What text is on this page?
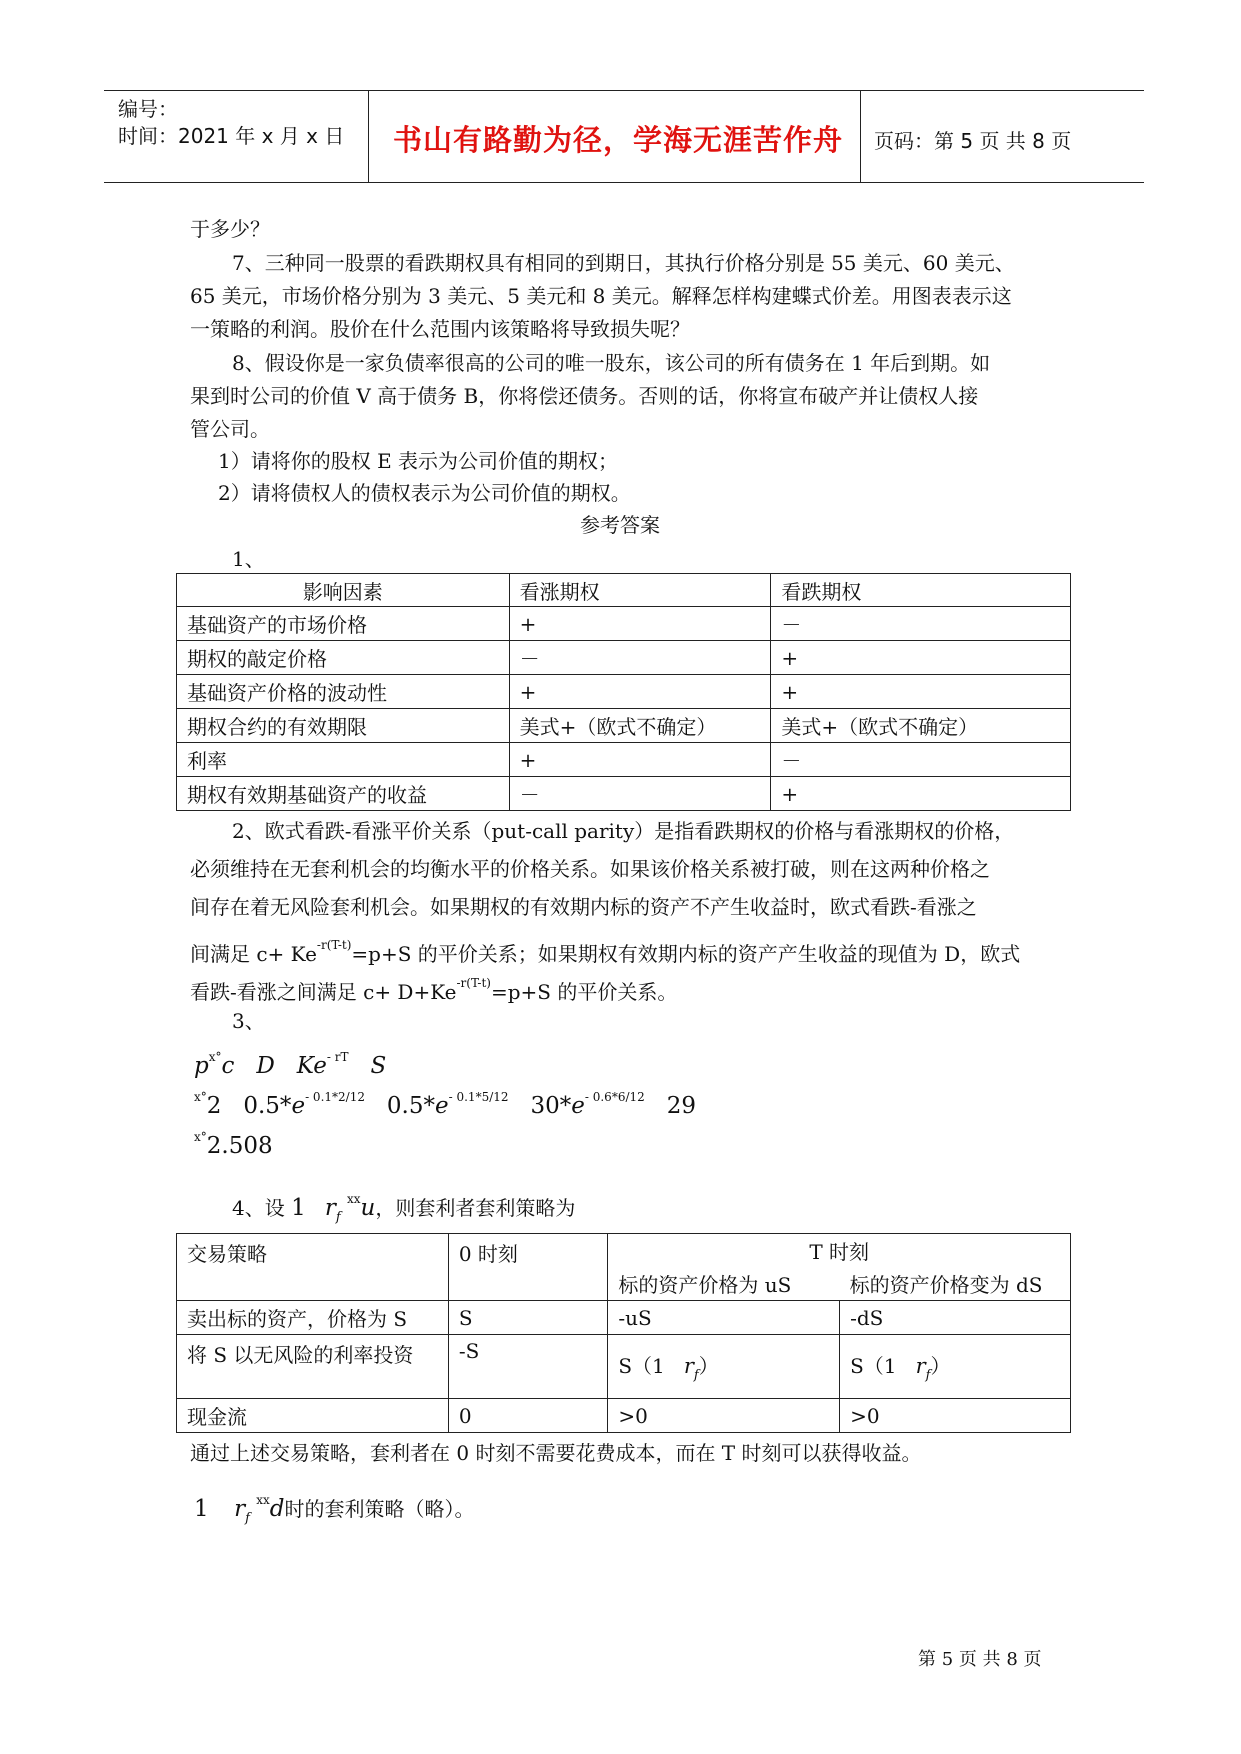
编号：
时间：2021 年 x 月 x 日 书山有路勤为径，学海无涯苦作舟 页码：第 5 页 共 8 页
于多少？
7、三种同一股票的看跌期权具有相同的到期日，其执行价格分别是 55 美元、60 美元、
65 美元，市场价格分别为 3 美元、5 美元和 8 美元。解释怎样构建蝶式价差。用图表表示这
一策略的利润。股价在什么范围内该策略将导致损失呢？
8、假设你是一家负债率很高的公司的唯一股东，该公司的所有债务在 1 年后到期。如
果到时公司的价值 V 高于债务 B，你将偿还债务。否则的话，你将宣布破产并让债权人接
管公司。
1）请将你的股权 E 表示为公司价值的期权；
2）请将债权人的债权表示为公司价值的期权。
参考答案
1、
影响因素	看涨期权	看跌期权
基础资产的市场价格	+	－
期权的敲定价格	－	+
基础资产价格的波动性	+	+
期权合约的有效期限	美式+（欧式不确定）	美式+（欧式不确定）
利率	+	－
期权有效期基础资产的收益	－	+
2、欧式看跌-看涨平价关系（put-call parity）是指看跌期权的价格与看涨期权的价格，
必须维持在无套利机会的均衡水平的价格关系。如果该价格关系被打破，则在这两种价格之
间存在着无风险套利机会。如果期权的有效期内标的资产不产生收益时，欧式看跌-看涨之
间满足 $c+ Ke^{-r(T-t)}=p+S$ 的平价关系；如果期权有效期内标的资产产生收益的现值为 D，欧式
看跌-看涨之间满足 $c+ D+Ke^{-r(T-t)}=p+S$ 的平价关系。
3、
$p^{x^\circ}c$ D $Ke^{- rT}$ S
$^{x^\circ}$2 $0.5*e^{- 0.1*2/12}$ $0.5*e^{- 0.1*5/12}$ $30*e^{- 0.6*6/12}$ 29
$^{x^\circ}$2.508
4、设 1 $r_f$ $^{xx}$u，则套利者套利策略为
交易策略	0 时刻	T 时刻	
		标的资产价格为 uS	标的资产价格变为 dS
卖出标的资产，价格为 S	S	-uS	-dS
将 S 以无风险的利率投资	-S	S（1 $r_f$）	S（1 $r_f$）
现金流	0	>0	>0
通过上述交易策略，套利者在 0 时刻不需要花费成本，而在 T 时刻可以获得收益。
1 $r_f$ $^{xx}$d时的套利策略（略）。
第 5 页 共 8 页
